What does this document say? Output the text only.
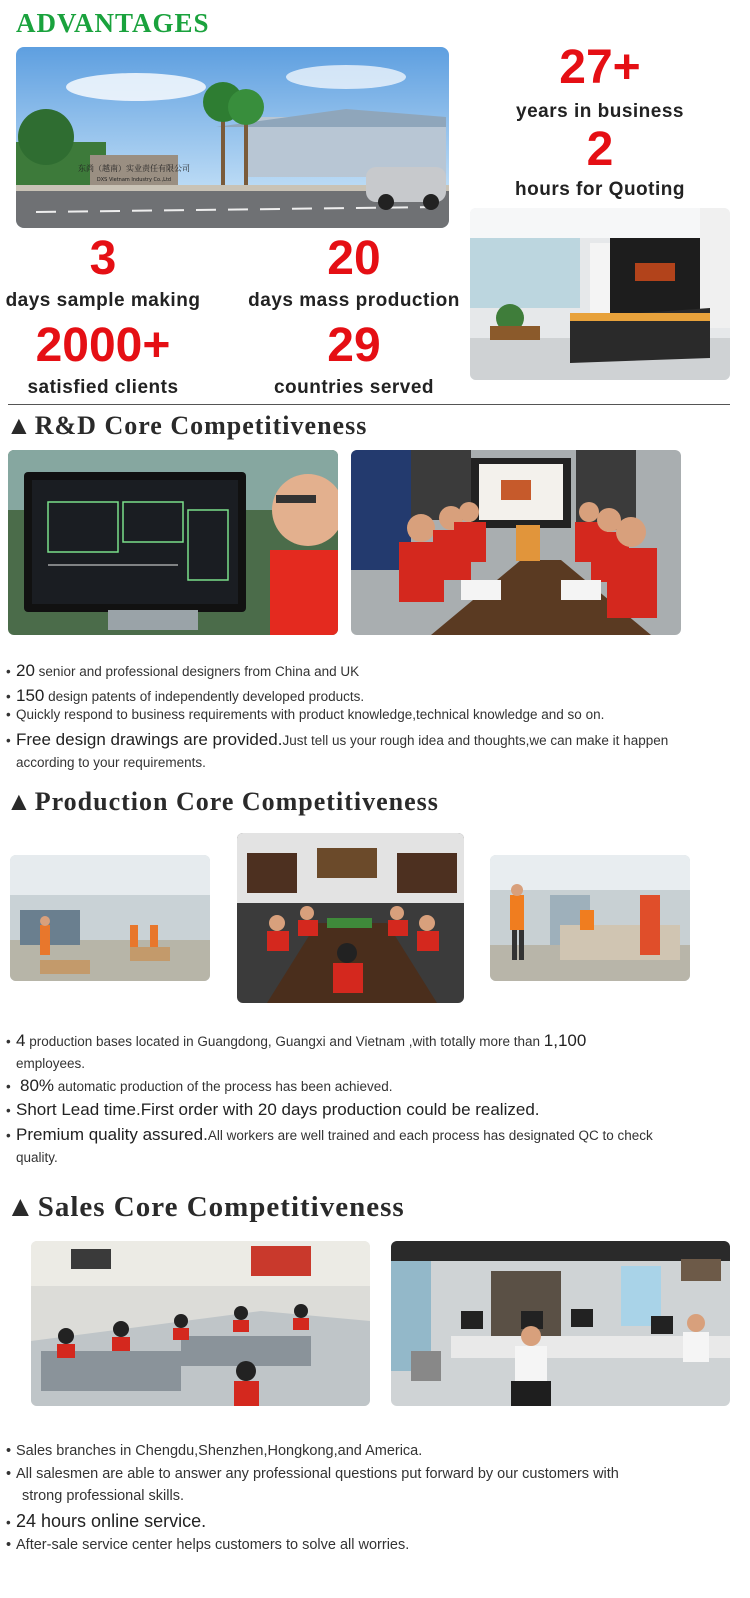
ADVANTAGES
东尚（越南）实业责任有限公司
DXS Vietnam Industry Co.,Ltd
27+
years in business
2
hours for Quoting
3
days sample making
20
days mass production
2000+
satisfied clients
29
countries served
▲R&D Core Competitiveness
• 20 senior and professional designers from China and UK
• 150 design patents of independently developed products.
• Quickly respond to business requirements with product knowledge,technical knowledge and so on.
• Free design drawings are provided.Just tell us your rough idea and thoughts,we can make it happen
according to your requirements.
▲Production Core Competitiveness
• 4 production bases located in Guangdong, Guangxi and Vietnam ,with totally more than 1,100
employees.
• 80% automatic production of the process has been achieved.
• Short Lead time.First order with 20 days production could be realized.
• Premium quality assured.All workers are well trained and each process has designated QC to check
quality.
▲Sales Core Competitiveness
• Sales branches in Chengdu,Shenzhen,Hongkong,and America.
• All salesmen are able to answer any professional questions put forward by our customers with
strong professional skills.
• 24 hours online service.
• After-sale service center helps customers to solve all worries.
